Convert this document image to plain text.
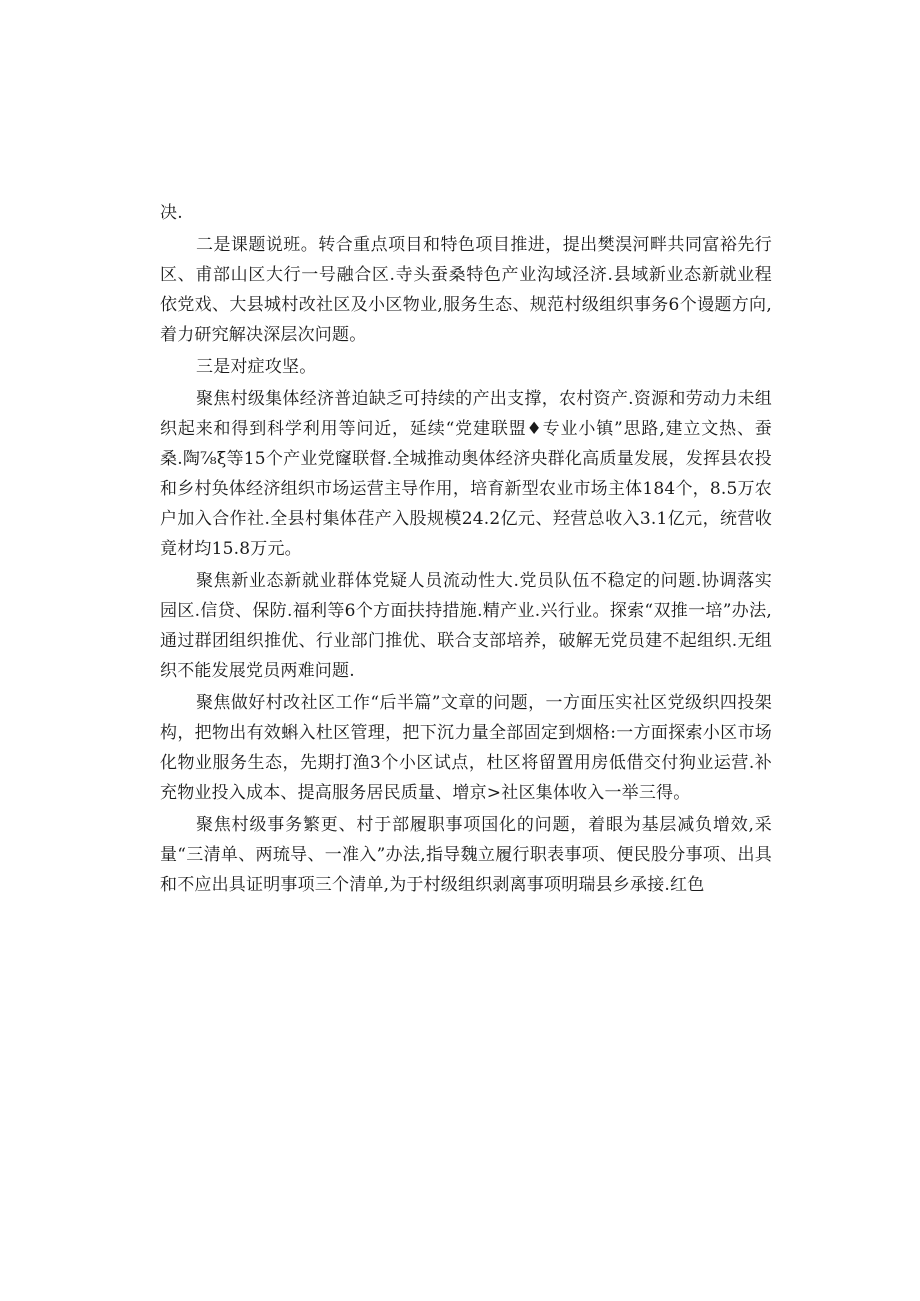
决.

二是课题说班。转合重点项目和特色项目推进，提出樊淏河畔共同富裕先行区、甫部山区大行一号融合区.寺头蚕桑特色产业沟域泾济.县域新业态新就业程依党戏、大县城村改社区及小区物业,服务生态、规范村级组织事务6个谩题方向,着力研究解决深层次问题。

三是对症攻坚。

聚焦村级集体经济普迫缺乏可持续的产出支撑，农村资产.资源和劳动力未组织起来和得到科学利用等问近，延续“党建联盟♦专业小镇”思路,建立文热、蚕桑.陶⅞ξ等15个产业党窿联督.全城推动奥体经济央群化高质量发展，发挥县农投和乡村奂体经济组织市场运营主导作用，培育新型农业市场主体184个，8.5万农户加入合作社.全县村集体荏产入股规模24.2亿元、羟营总收入3.1亿元，统营收竟材均15.8万元。

聚焦新业态新就业群体党疑人员流动性大.党员队伍不稳定的问题.协调落实园区.信贷、保防.福利等6个方面扶持措施.精产业.兴行业。探索“双推一培”办法,通过群团组织推优、行业部门推优、联合支部培养，破解无党员建不起组织.无组织不能发展党员两难问题.

聚焦做好村改社区工作“后半篇”文章的问题，一方面压实社区党级织四投架构，把物出有效蝌入杜区管理，把下沉力量全部固定到烟格:一方面探索小区市场化物业服务生态，先期打渔3个小区试点，杜区将留置用房低借交付狗业运营.补充物业投入成本、提高服务居民质量、增京>社区集体收入一举三得。

聚焦村级事务繁更、村于部履职事项国化的问题，着眼为基层减负增效,采量“三清单、两琉导、一准入”办法,指导魏立履行职表事项、便民股分事项、出具和不应出具证明事项三个清单,为于村级组织剥离事项明瑞县乡承接.红色
